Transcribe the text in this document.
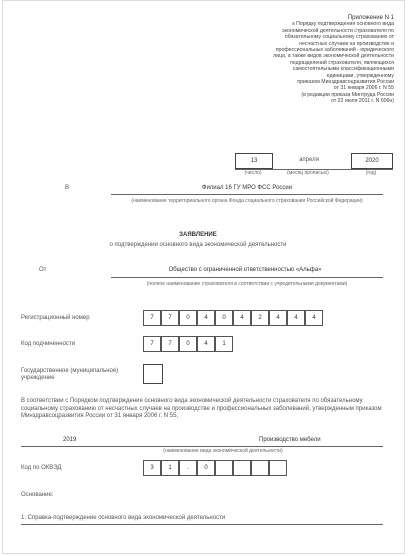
Приложение N 1
к Порядку подтверждения основного вида
экономической деятельности страхователя по
обязательному социальному страхованию от
несчастных случаев на производстве и
профессиональных заболеваний - юридического
лица, а также видов экономической деятельности
подразделений страхователя, являющихся
самостоятельными классификационными
единицами, утвержденному
приказом Минздравсоцразвития России
от 31 января 2006 г. N 55
(в редакции приказа Минтруда России
от 22 июля 2011 г. N 606н)
13	апреля	2020
(число)	(месяц прописью)	(год)
В	Филиал 16 ГУ МРО ФСС России
(наименование территориального органа Фонда социального страхования Российской Федерации)
ЗАЯВЛЕНИЕ
о подтверждении основного вида экономической деятельности
От	Общество с ограниченной ответственностью «Альфа»
(полное наименование страхователя в соответствии с учредительными документами)
Регистрационный номер	7	7	0	4	0	4	2	4	4	4
Код подчиненности	7	7	0	4	1
Государственное (муниципальное) учреждение
В соответствии с Порядком подтверждения основного вида экономической деятельности страхователя по обязательному социальному страхованию от несчастных случаев на производстве и профессиональных заболеваний, утвержденным приказом Минздравсоцразвития России от 31 января 2006 г. N 55,
2019	Производство мебели
(наименование вида экономической деятельности)
Код по ОКВЭД	3	1	.	0
Основание:
1. Справка-подтверждение основного вида экономической деятельности
